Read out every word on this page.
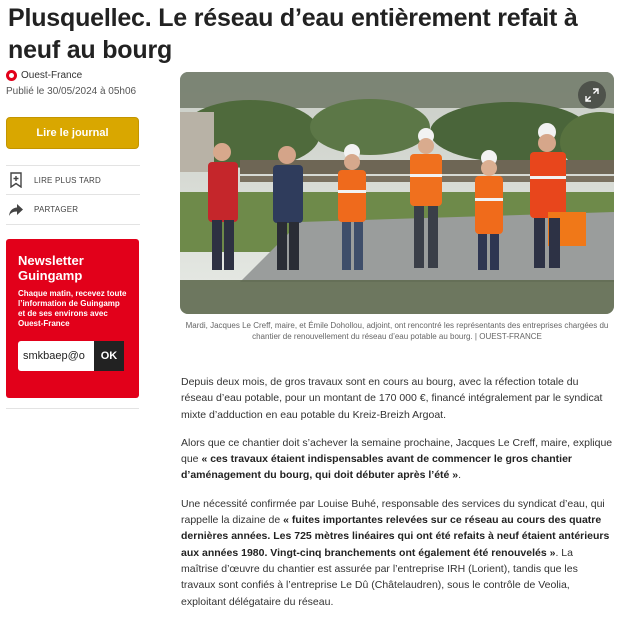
Plusquellec. Le réseau d’eau entièrement refait à neuf au bourg
Ouest-France
Publié le 30/05/2024 à 05h06
Lire le journal
LIRE PLUS TARD
PARTAGER
Newsletter Guingamp
Chaque matin, recevez toute l’information de Guingamp et de ses environs avec Ouest-France
smkbaep@o
OK
Mardi, Jacques Le Creff, maire, et Émile Dohollou, adjoint, ont rencontré les représentants des entreprises chargées du chantier de renouvellement du réseau d’eau potable au bourg. | OUEST-FRANCE

Depuis deux mois, de gros travaux sont en cours au bourg, avec la réfection totale du réseau d’eau potable, pour un montant de 170 000 €, financé intégralement par le syndicat mixte d’adduction en eau potable du Kreiz-Breizh Argoat.

Alors que ce chantier doit s’achever la semaine prochaine, Jacques Le Creff, maire, explique que « ces travaux étaient indispensables avant de commencer le gros chantier d’aménagement du bourg, qui doit débuter après l’été ».

Une nécessité confirmée par Louise Buhé, responsable des services du syndicat d’eau, qui rappelle la dizaine de « fuites importantes relevées sur ce réseau au cours des quatre dernières années. Les 725 mètres linéaires qui ont été refaits à neuf étaient antérieurs aux années 1980. Vingt-cinq branchements ont également été renouvelés ». La maîtrise d’œuvre du chantier est assurée par l’entreprise IRH (Lorient), tandis que les travaux sont confiés à l’entreprise Le Dû (Châtelaudren), sous le contrôle de Veolia, exploitant délégataire du réseau.
